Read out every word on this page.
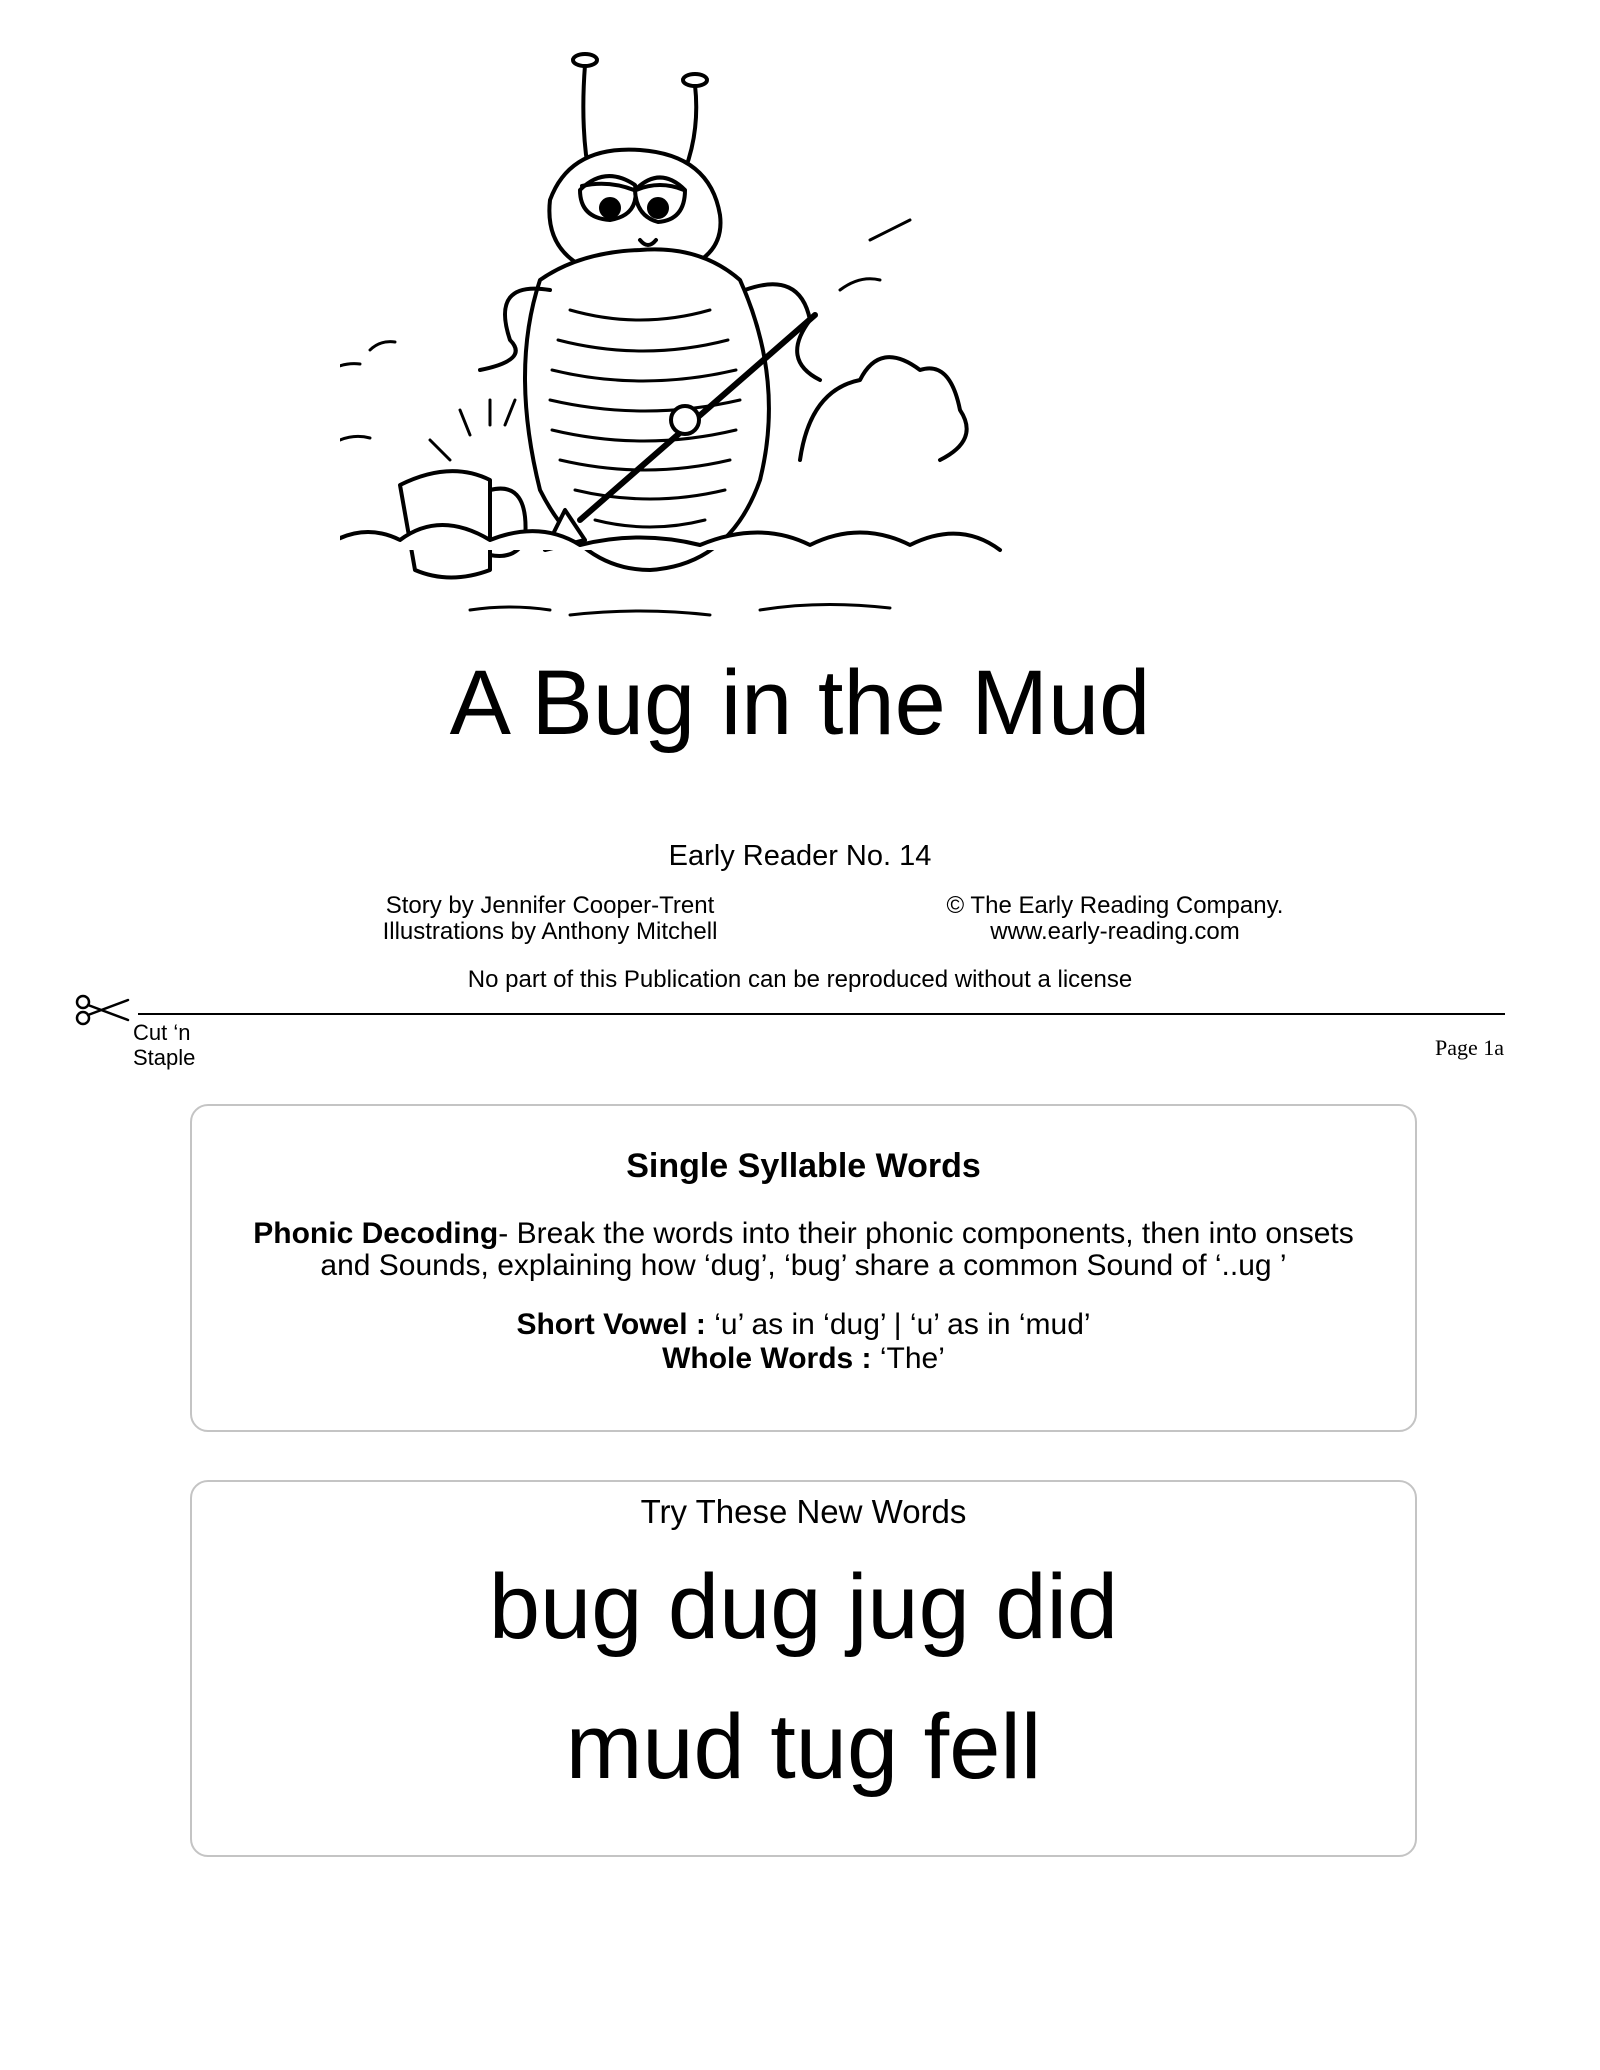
A Bug in the Mud
Early Reader No. 14
Story by Jennifer Cooper-Trent
Illustrations by Anthony Mitchell
© The Early Reading Company.
www.early-reading.com
No part of this Publication can be reproduced without a license
Cut ‘n
Staple	Page 1a
Single Syllable Words
Phonic Decoding- Break the words into their phonic components, then into onsets
and Sounds, explaining how ‘dug’, ‘bug’ share a common Sound of ‘..ug ’
Short Vowel : ‘u’ as in ‘dug’ | ‘u’ as in ‘mud’
Whole Words : ‘The’
Try These New Words
bug dug jug did
mud tug fell
